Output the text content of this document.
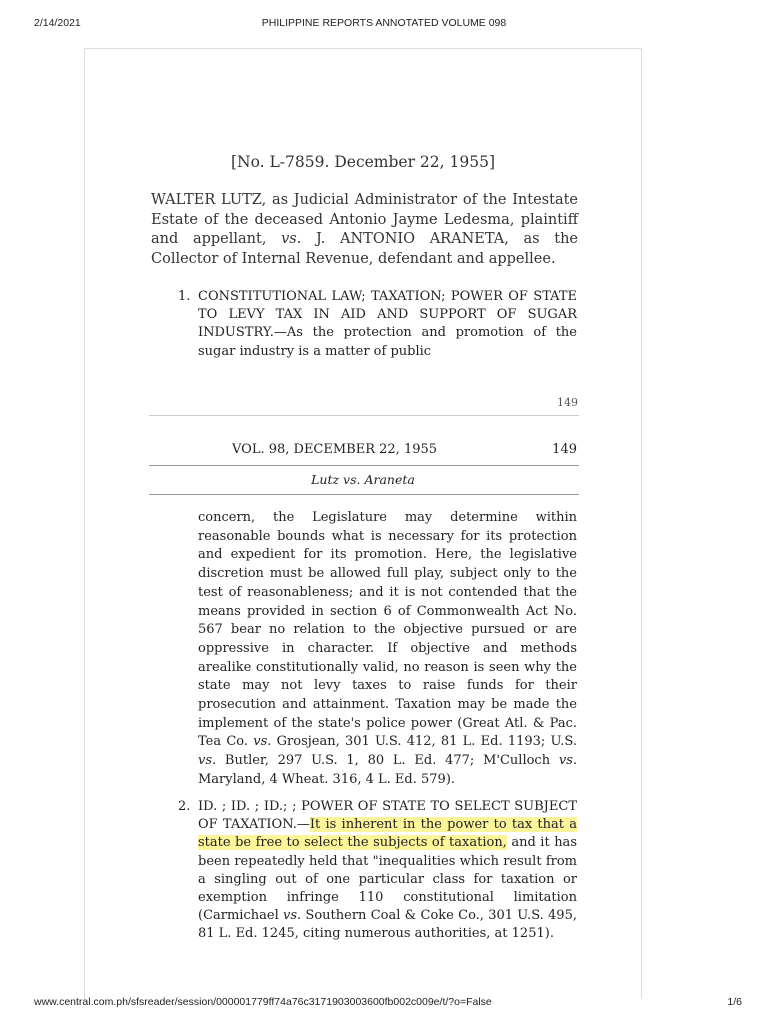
2/14/2021	PHILIPPINE REPORTS ANNOTATED VOLUME 098
[No. L-7859. December 22, 1955]
WALTER LUTZ, as Judicial Administrator of the Intestate Estate of the deceased Antonio Jayme Ledesma, plaintiff and appellant, vs. J. ANTONIO ARANETA, as the Collector of Internal Revenue, defendant and appellee.
1. CONSTITUTIONAL LAW; TAXATION; POWER OF STATE TO LEVY TAX IN AID AND SUPPORT OF SUGAR INDUSTRY.—As the protection and promotion of the sugar industry is a matter of public
149
VOL. 98, DECEMBER 22, 1955	149
Lutz vs. Araneta
concern, the Legislature may determine within reasonable bounds what is necessary for its protection and expedient for its promotion. Here, the legislative discretion must be allowed full play, subject only to the test of reasonableness; and it is not contended that the means provided in section 6 of Commonwealth Act No. 567 bear no relation to the objective pursued or are oppressive in character. If objective and methods arealike constitutionally valid, no reason is seen why the state may not levy taxes to raise funds for their prosecution and attainment. Taxation may be made the implement of the state's police power (Great Atl. & Pac. Tea Co. vs. Grosjean, 301 U.S. 412, 81 L. Ed. 1193; U.S. vs. Butler, 297 U.S. 1, 80 L. Ed. 477; M'Culloch vs. Maryland, 4 Wheat. 316, 4 L. Ed. 579).
2. ID. ; ID. ; ID.; ; POWER OF STATE TO SELECT SUBJECT OF TAXATION.—It is inherent in the power to tax that a state be free to select the subjects of taxation, and it has been repeatedly held that "inequalities which result from a singling out of one particular class for taxation or exemption infringe 110 constitutional limitation (Carmichael vs. Southern Coal & Coke Co., 301 U.S. 495, 81 L. Ed. 1245, citing numerous authorities, at 1251).
www.central.com.ph/sfsreader/session/000001779ff74a76c3171903003600fb002c009e/t/?o=False	1/6
